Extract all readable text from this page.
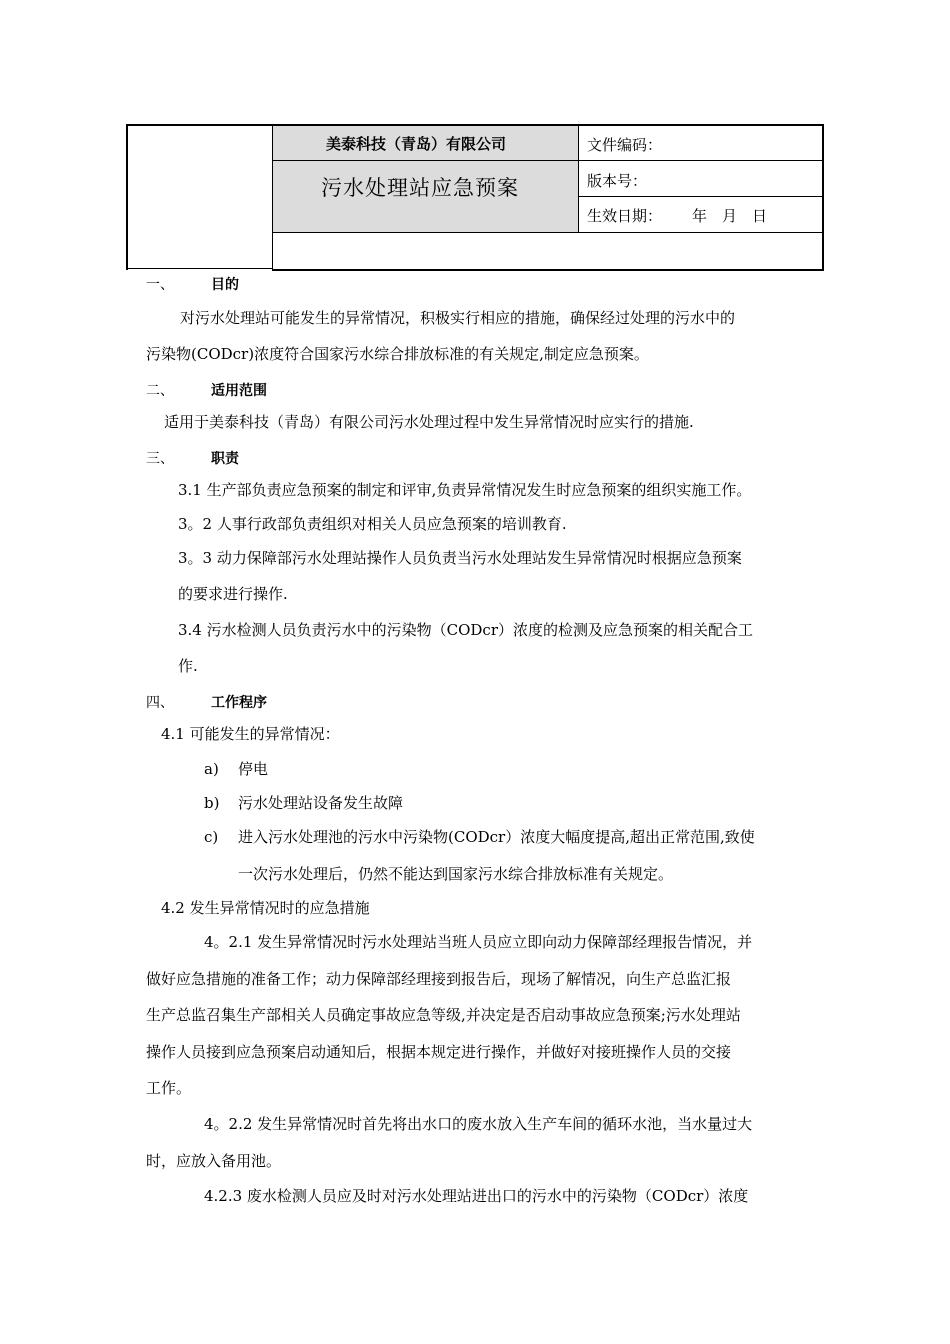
美泰科技（青岛）有限公司
污水处理站应急预案
文件编码：
版本号：
生效日期： 年　月　日
一、	目的
对污水处理站可能发生的异常情况，积极实行相应的措施，确保经过处理的污水中的
污染物(CODcr)浓度符合国家污水综合排放标准的有关规定,制定应急预案。
二、	适用范围
适用于美泰科技（青岛）有限公司污水处理过程中发生异常情况时应实行的措施.
三、	职责
3.1 生产部负责应急预案的制定和评审,负责异常情况发生时应急预案的组织实施工作。
3。2 人事行政部负责组织对相关人员应急预案的培训教育.
3。3 动力保障部污水处理站操作人员负责当污水处理站发生异常情况时根据应急预案
的要求进行操作.
3.4 污水检测人员负责污水中的污染物（CODcr）浓度的检测及应急预案的相关配合工
作.
四、	工作程序
4.1 可能发生的异常情况：
a) 停电
b) 污水处理站设备发生故障
c) 进入污水处理池的污水中污染物(CODcr）浓度大幅度提高,超出正常范围,致使
一次污水处理后，仍然不能达到国家污水综合排放标准有关规定。
4.2 发生异常情况时的应急措施
4。2.1 发生异常情况时污水处理站当班人员应立即向动力保障部经理报告情况，并
做好应急措施的准备工作；动力保障部经理接到报告后，现场了解情况，向生产总监汇报
生产总监召集生产部相关人员确定事故应急等级,并决定是否启动事故应急预案;污水处理站
操作人员接到应急预案启动通知后，根据本规定进行操作，并做好对接班操作人员的交接
工作。
4。2.2 发生异常情况时首先将出水口的废水放入生产车间的循环水池，当水量过大
时，应放入备用池。
4.2.3 废水检测人员应及时对污水处理站进出口的污水中的污染物（CODcr）浓度
